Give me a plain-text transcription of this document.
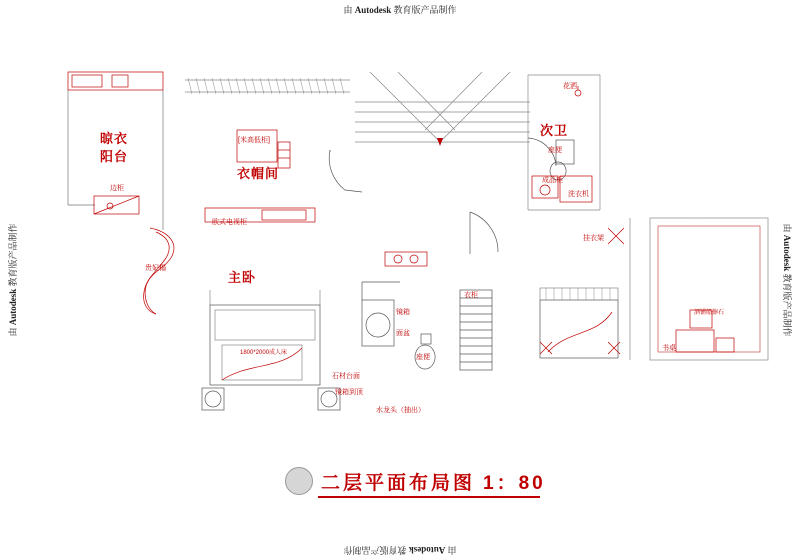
由 Autodesk 教育版产品制作
由 Autodesk 教育版产品制作
由 Autodesk 教育版产品制作	由 Autodesk 教育版产品制作
晾衣
阳台
衣帽间
主卧
次卫
[米高低柜]
边柜
欧式电视柜
贵妃榻
镜箱
面盆
座便
衣柜
石材台面
镜箱到顶
水龙头（抽出）
1800*2000成人床
花洒
座便
成品柜
洗衣机
挂衣架
酒铺船擦石
书桌
二层平面布局图 1：80
